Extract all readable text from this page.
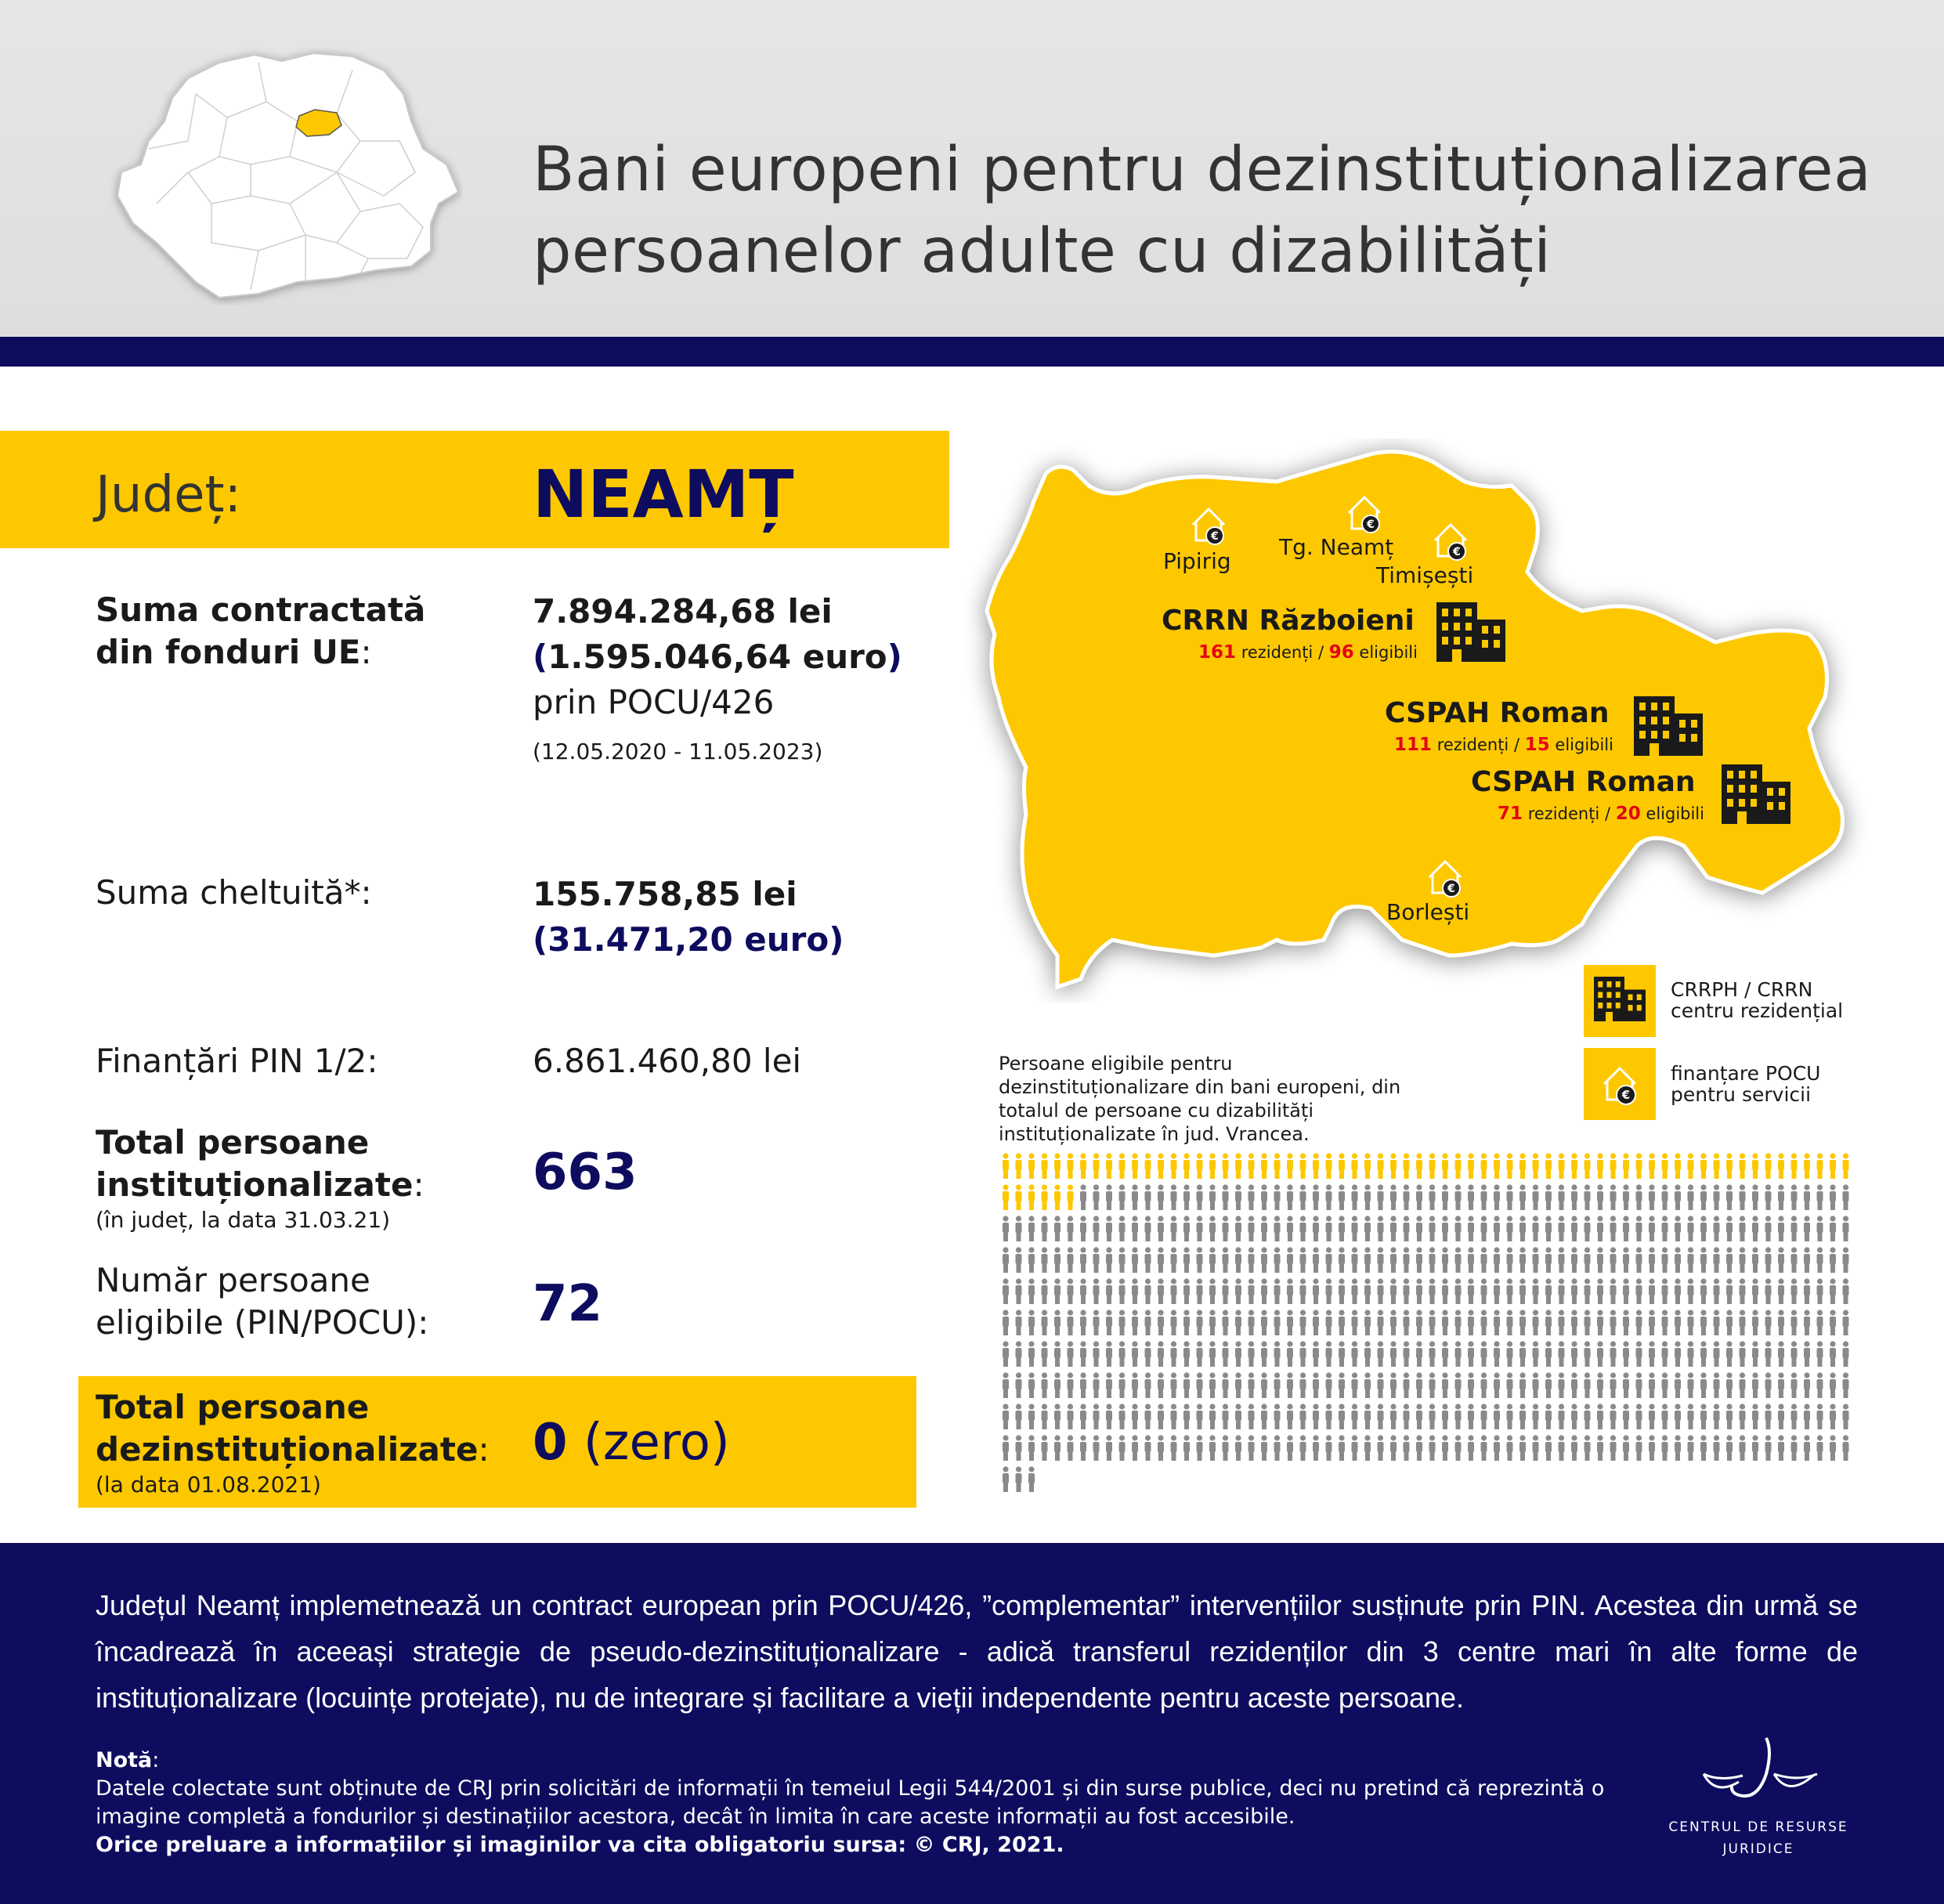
Bani europeni pentru dezinstituționalizarea
persoanelor adulte cu dizabilități
Județ:	NEAMȚ
Suma contractată
din fonduri UE:
7.894.284,68 lei
(1.595.046,64 euro)
prin POCU/426
(12.05.2020 - 11.05.2023)
Suma cheltuită*:	155.758,85 lei
(31.471,20 euro)
Finanțări PIN 1/2:	6.861.460,80 lei
Total persoane
instituționalizate:
(în județ, la data 31.03.21)
663
Număr persoane
eligibile (PIN/POCU): 72
Total persoane
dezinstituționalizate:
(la data 01.08.2021)
0 (zero)
€
Pipirig
€
Tg. Neamț	€
Timișești
€
Borlești
CRRN Războieni
161 rezidenți / 96 eligibili
CSPAH Roman
111 rezidenți / 15 eligibili
CSPAH Roman
71 rezidenți / 20 eligibili
CRRPH / CRRN
centru rezidențial
€
finanțare POCU
pentru servicii
Persoane eligibile pentru dezinstituționalizare din bani europeni, din totalul de persoane cu dizabilități instituționalizate în jud. Vrancea.
Județul Neamț implemetnează un contract european prin POCU/426, ”complementar” intervențiilor susținute prin PIN. Acestea din urmă se încadrează în aceeași strategie de pseudo-dezinstituționalizare - adică transferul rezidenților din 3 centre mari în alte forme de instituționalizare (locuințe protejate), nu de integrare și facilitare a vieții independente pentru aceste persoane.
Notă:
Datele colectate sunt obținute de CRJ prin solicitări de informații în temeiul Legii 544/2001 și din surse publice, deci nu pretind că reprezintă o imagine completă a fondurilor și destinațiilor acestora, decât în limita în care aceste informații au fost accesibile.
Orice preluare a informațiilor și imaginilor va cita obligatoriu sursa: © CRJ, 2021.
CENTRUL DE RESURSE
JURIDICE
